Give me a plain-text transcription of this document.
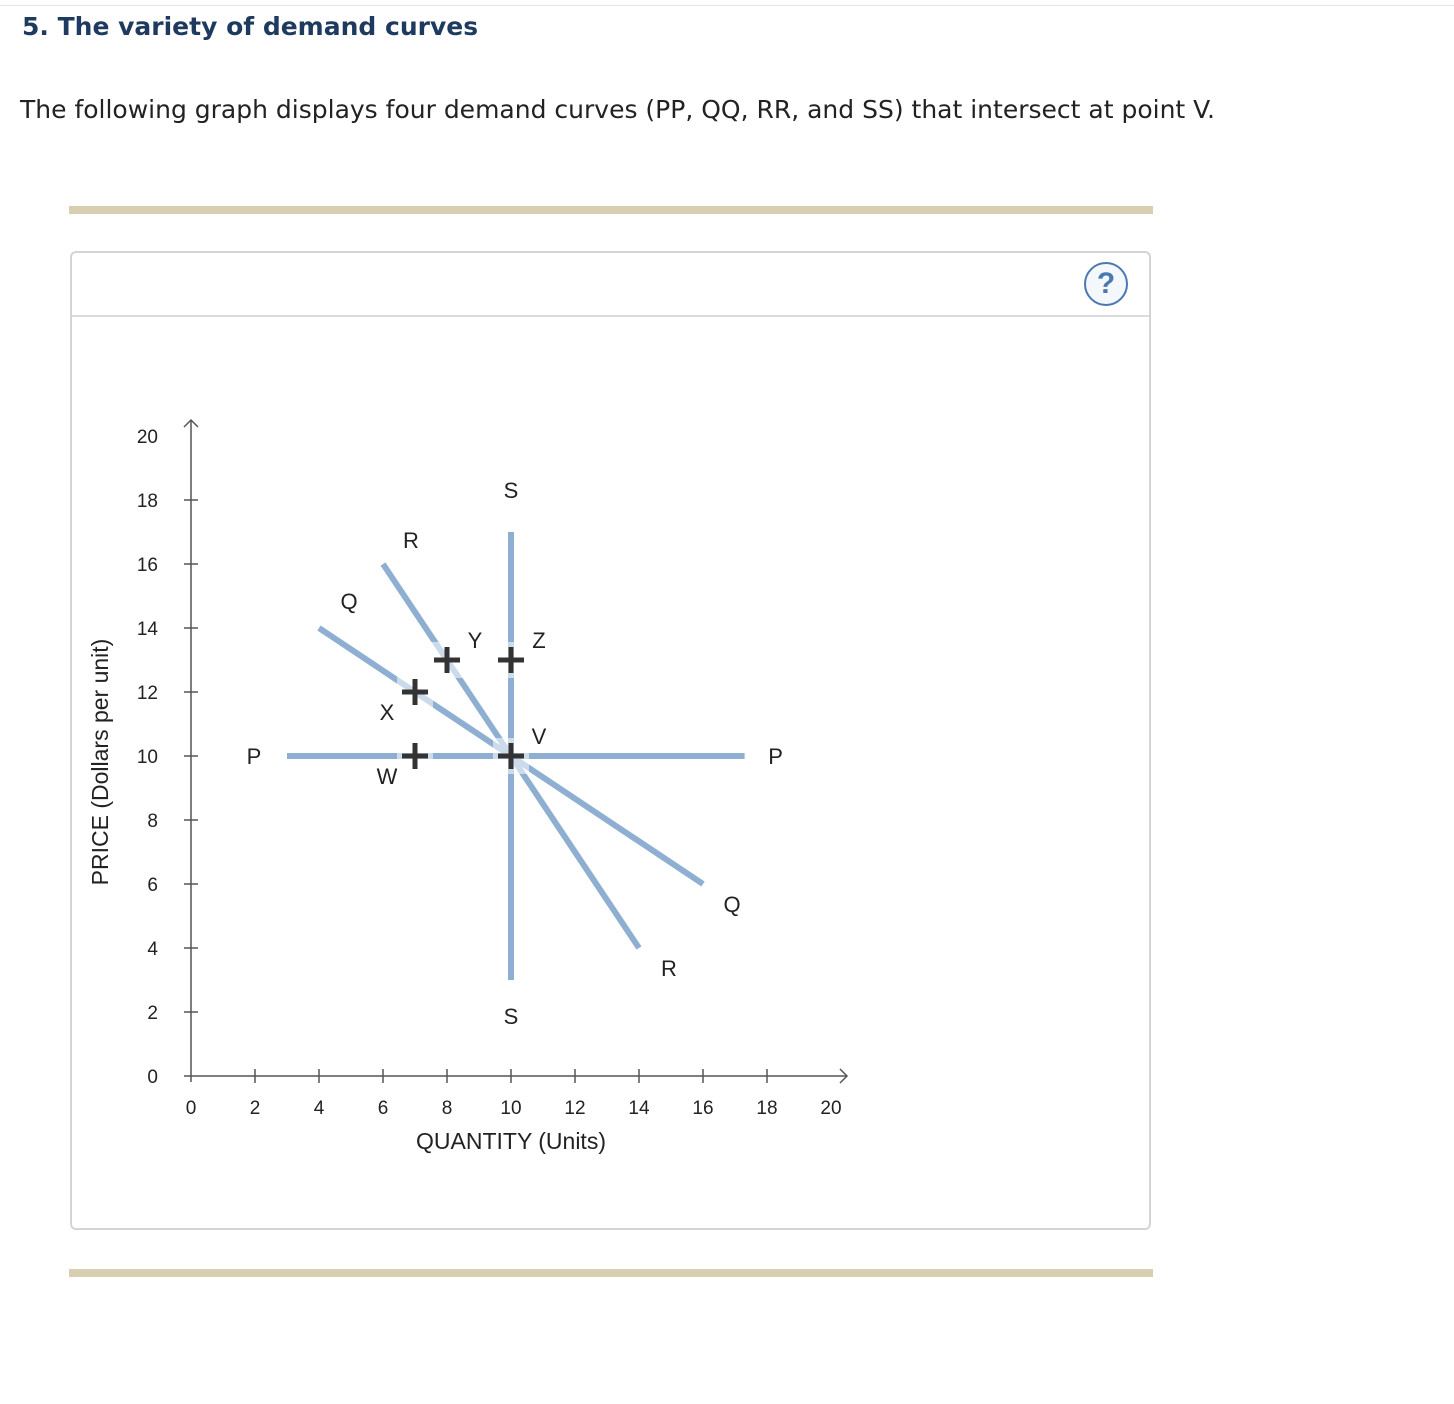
5. The variety of demand curves

The following graph displays four demand curves (PP, QQ, RR, and SS) that intersect at point V.

?
0
2
4
6
8
10
12
14
16
18
20
0	2	4	6	8	10 12 14 16 18 20
QUANTITY (Units)
PRICE (Dollars per unit)	P	P
Q
Q
R
R
S
S
V
W
X
Y Z
